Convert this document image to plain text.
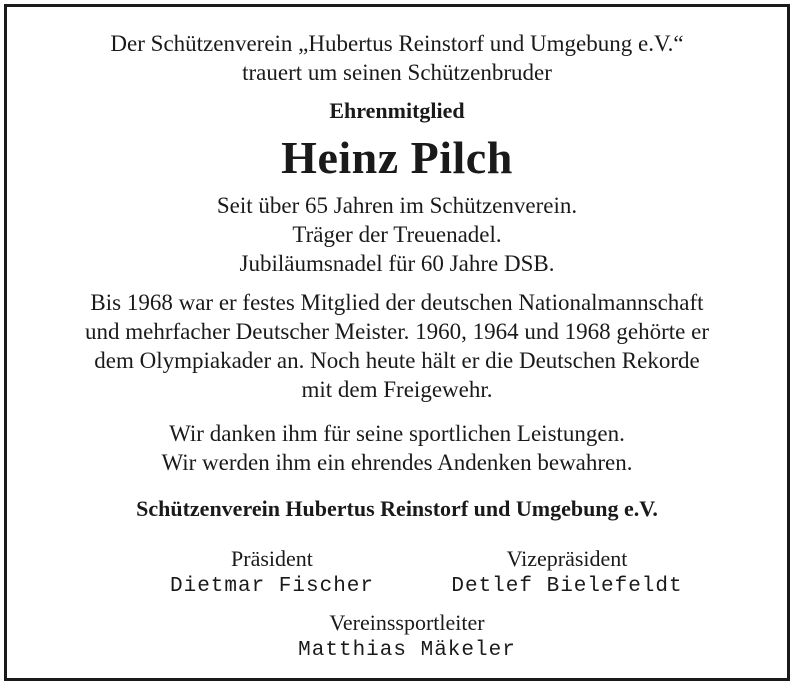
Der Schützenverein „Hubertus Reinstorf und Umgebung e.V.“
trauert um seinen Schützenbruder
Ehrenmitglied
Heinz Pilch
Seit über 65 Jahren im Schützenverein.
Träger der Treuenadel.
Jubiläumsnadel für 60 Jahre DSB.
Bis 1968 war er festes Mitglied der deutschen Nationalmannschaft
und mehrfacher Deutscher Meister. 1960, 1964 und 1968 gehörte er
dem Olympiakader an. Noch heute hält er die Deutschen Rekorde
mit dem Freigewehr.
Wir danken ihm für seine sportlichen Leistungen.
Wir werden ihm ein ehrendes Andenken bewahren.
Schützenverein Hubertus Reinstorf und Umgebung e.V.
Präsident
Dietmar Fischer
Vizepräsident
Detlef Bielefeldt
Vereinssportleiter
Matthias Mäkeler
